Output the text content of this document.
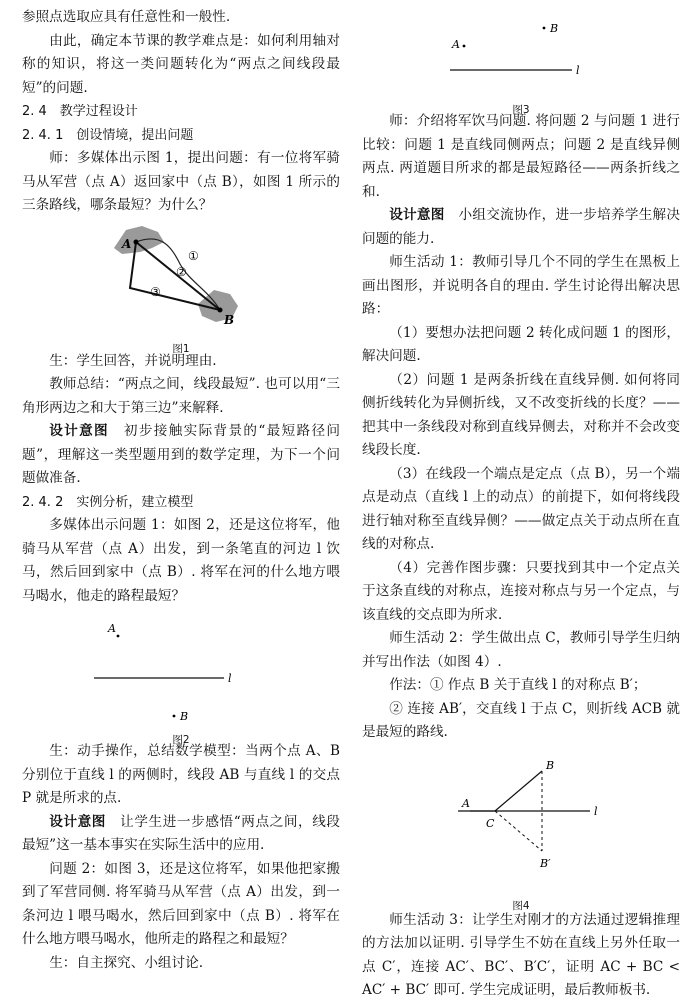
参照点选取应具有任意性和一般性.

由此，确定本节课的教学难点是：如何利用轴对称的知识，将这一类问题转化为“两点之间线段最短”的问题.

2. 4　教学过程设计

2. 4. 1　创设情境，提出问题

师：多媒体出示图 1，提出问题：有一位将军骑马从军营（点 A）返回家中（点 B），如图 1 所示的三条路线，哪条最短？为什么？

A
B
①
②
③
图1

生：学生回答，并说明理由.

教师总结：“两点之间，线段最短”. 也可以用“三角形两边之和大于第三边”来解释.

设计意图　初步接触实际背景的“最短路径问题”，理解这一类型题用到的数学定理，为下一个问题做准备.

2. 4. 2　实例分析，建立模型

多媒体出示问题 1：如图 2，还是这位将军，他骑马从军营（点 A）出发，到一条笔直的河边 l 饮马，然后回到家中（点 B）. 将军在河的什么地方喂马喝水，他走的路程最短？

A
l
B
图2

生：动手操作，总结数学模型：当两个点 A、B 分别位于直线 l 的两侧时，线段 AB 与直线 l 的交点 P 就是所求的点.

设计意图　让学生进一步感悟“两点之间，线段最短”这一基本事实在实际生活中的应用.

问题 2：如图 3，还是这位将军，如果他把家搬到了军营同侧. 将军骑马从军营（点 A）出发，到一条河边 l 喂马喝水，然后回到家中（点 B）. 将军在什么地方喂马喝水，他所走的路程之和最短？

生：自主探究、小组讨论.

B
A
l
图3

师：介绍将军饮马问题. 将问题 2 与问题 1 进行比较：问题 1 是直线同侧两点；问题 2 是直线异侧两点. 两道题目所求的都是最短路径——两条折线之和.

设计意图　小组交流协作，进一步培养学生解决问题的能力.

师生活动 1：教师引导几个不同的学生在黑板上画出图形，并说明各自的理由. 学生讨论得出解决思路：

（1）要想办法把问题 2 转化成问题 1 的图形，解决问题.

（2）问题 1 是两条折线在直线异侧. 如何将同侧折线转化为异侧折线，又不改变折线的长度？——把其中一条线段对称到直线异侧去，对称并不会改变线段长度.

（3）在线段一个端点是定点（点 B），另一个端点是动点（直线 l 上的动点）的前提下，如何将线段进行轴对称至直线异侧？——做定点关于动点所在直线的对称点.

（4）完善作图步骤：只要找到其中一个定点关于这条直线的对称点，连接对称点与另一个定点，与该直线的交点即为所求.

师生活动 2：学生做出点 C，教师引导学生归纳并写出作法（如图 4）.

作法：① 作点 B 关于直线 l 的对称点 B′；

② 连接 AB′，交直线 l 于点 C，则折线 ACB 就是最短的路线.

l
A
B
C
B′
图4

师生活动 3：让学生对刚才的方法通过逻辑推理的方法加以证明. 引导学生不妨在直线上另外任取一点 C′，连接 AC′、BC′、B′C′，证明 AC + BC < AC′ + BC′ 即可. 学生完成证明，最后教师板书.
